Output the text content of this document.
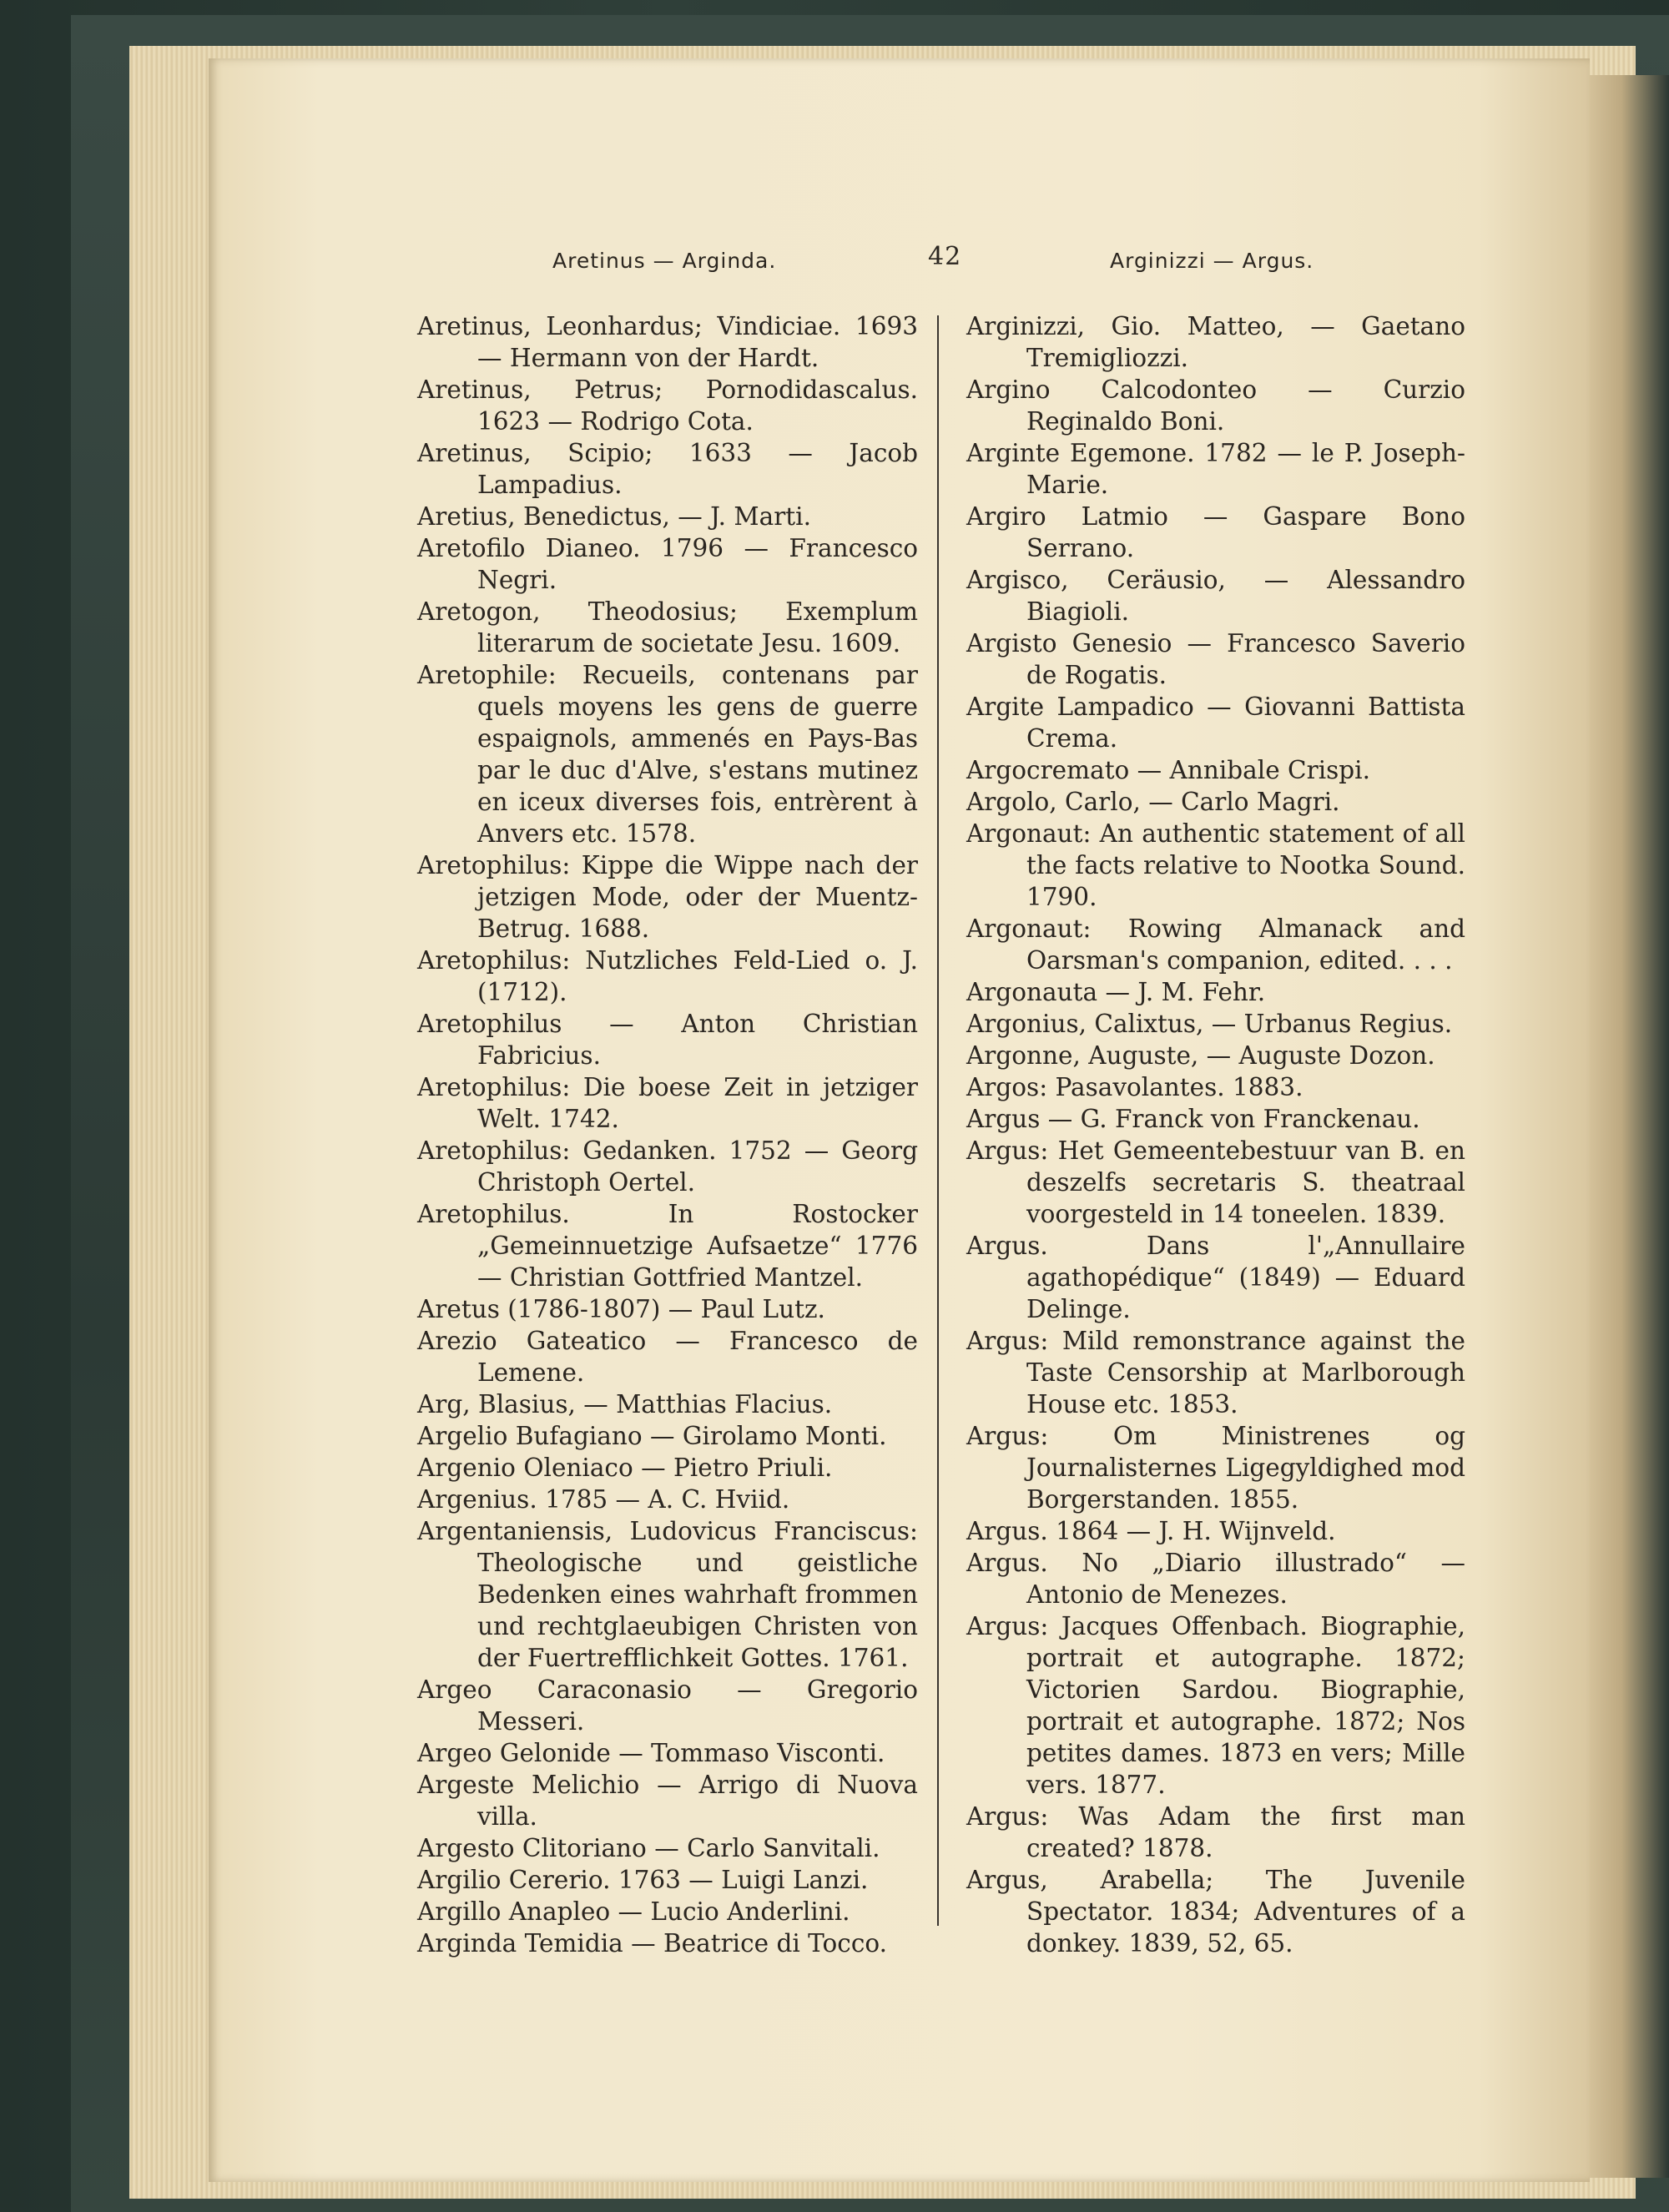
Aretinus — Arginda.	42	Arginizzi — Argus.

Aretinus, Leonhardus; Vindiciae. 1693 — Hermann von der Hardt.

Aretinus, Petrus; Pornodidascalus. 1623 — Rodrigo Cota.

Aretinus, Scipio; 1633 — Jacob Lampadius.

Aretius, Benedictus, — J. Marti.

Aretofilo Dianeo. 1796 — Francesco Negri.

Aretogon, Theodosius; Exemplum literarum de societate Jesu. 1609.

Aretophile: Recueils, contenans par quels moyens les gens de guerre espaignols, ammenés en Pays-Bas par le duc d'Alve, s'estans mutinez en iceux diverses fois, entrèrent à Anvers etc. 1578.

Aretophilus: Kippe die Wippe nach der jetzigen Mode, oder der Muentz-Betrug. 1688.

Aretophilus: Nutzliches Feld-Lied o. J. (1712).

Aretophilus — Anton Christian Fabricius.

Aretophilus: Die boese Zeit in jetziger Welt. 1742.

Aretophilus: Gedanken. 1752 — Georg Christoph Oertel.

Aretophilus. In Rostocker „Gemeinnuetzige Aufsaetze“ 1776 — Christian Gottfried Mantzel.

Aretus (1786-1807) — Paul Lutz.

Arezio Gateatico — Francesco de Lemene.

Arg, Blasius, — Matthias Flacius.

Argelio Bufagiano — Girolamo Monti.

Argenio Oleniaco — Pietro Priuli.

Argenius. 1785 — A. C. Hviid.

Argentaniensis, Ludovicus Franciscus: Theologische und geistliche Bedenken eines wahrhaft frommen und rechtglaeubigen Christen von der Fuertrefflichkeit Gottes. 1761.

Argeo Caraconasio — Gregorio Messeri.

Argeo Gelonide — Tommaso Visconti.

Argeste Melichio — Arrigo di Nuova villa.

Argesto Clitoriano — Carlo Sanvitali.

Argilio Cererio. 1763 — Luigi Lanzi.

Argillo Anapleo — Lucio Anderlini.

Arginda Temidia — Beatrice di Tocco.

Arginizzi, Gio. Matteo, — Gaetano Tremigliozzi.

Argino Calcodonteo — Curzio Reginaldo Boni.

Arginte Egemone. 1782 — le P. Joseph-Marie.

Argiro Latmio — Gaspare Bono Serrano.

Argisco, Ceräusio, — Alessandro Biagioli.

Argisto Genesio — Francesco Saverio de Rogatis.

Argite Lampadico — Giovanni Battista Crema.

Argocremato — Annibale Crispi.

Argolo, Carlo, — Carlo Magri.

Argonaut: An authentic statement of all the facts relative to Nootka Sound. 1790.

Argonaut: Rowing Almanack and Oarsman's companion, edited. . . .

Argonauta — J. M. Fehr.

Argonius, Calixtus, — Urbanus Regius.

Argonne, Auguste, — Auguste Dozon.

Argos: Pasavolantes. 1883.

Argus — G. Franck von Franckenau.

Argus: Het Gemeentebestuur van B. en deszelfs secretaris S. theatraal voorgesteld in 14 toneelen. 1839.

Argus. Dans l'„Annullaire agathopédique“ (1849) — Eduard Delinge.

Argus: Mild remonstrance against the Taste Censorship at Marlborough House etc. 1853.

Argus: Om Ministrenes og Journalisternes Ligegyldighed mod Borgerstanden. 1855.

Argus. 1864 — J. H. Wijnveld.

Argus. No „Diario illustrado“ — Antonio de Menezes.

Argus: Jacques Offenbach. Biographie, portrait et autographe. 1872; Victorien Sardou. Biographie, portrait et autographe. 1872; Nos petites dames. 1873 en vers; Mille vers. 1877.

Argus: Was Adam the first man created? 1878.

Argus, Arabella; The Juvenile Spectator. 1834; Adventures of a donkey. 1839, 52, 65.
